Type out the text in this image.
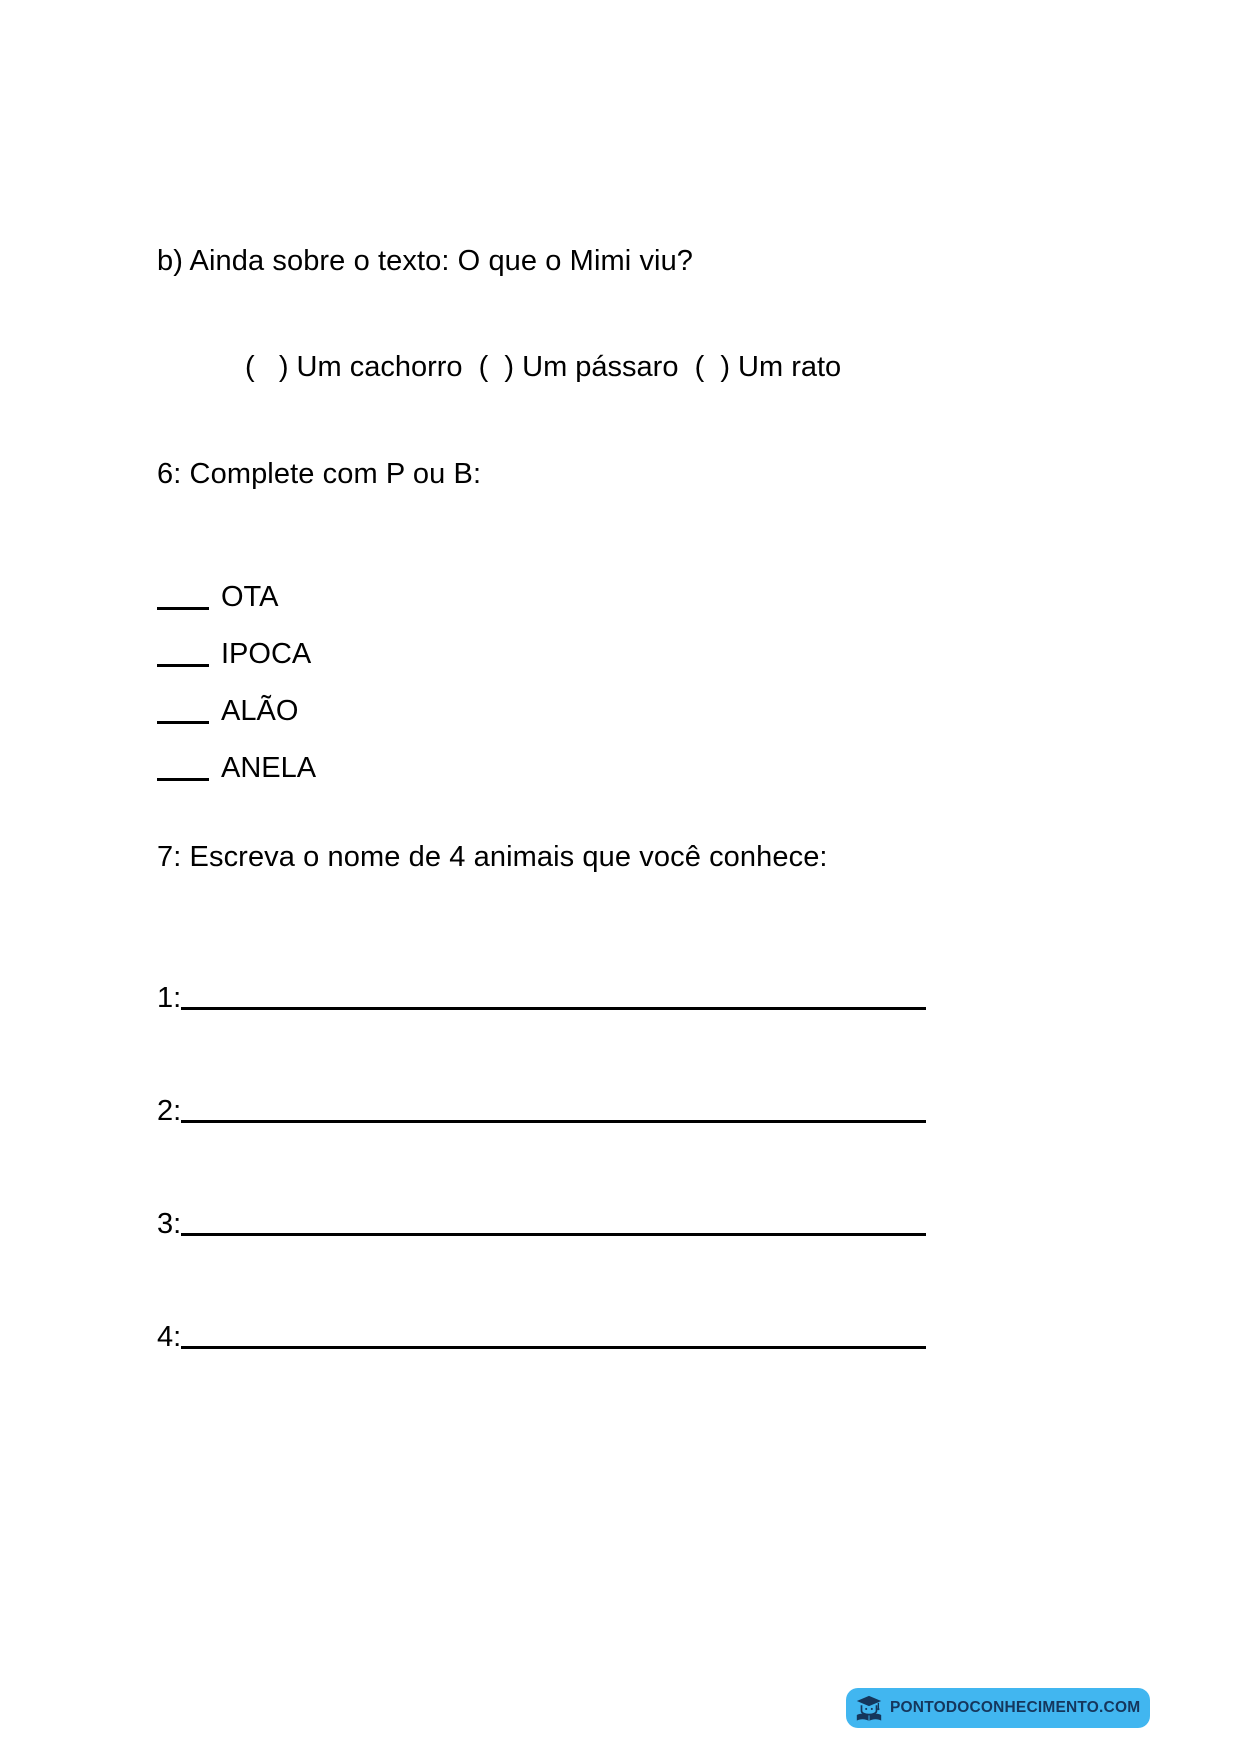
b) Ainda sobre o texto: O que o Mimi viu?
(   ) Um cachorro  (  ) Um pássaro  (  ) Um rato
6: Complete com P ou B:
OTA
IPOCA
ALÃO
ANELA
7: Escreva o nome de 4 animais que você conhece:
1:
2:
3:
4:
PONTODOCONHECIMENTO.COM
